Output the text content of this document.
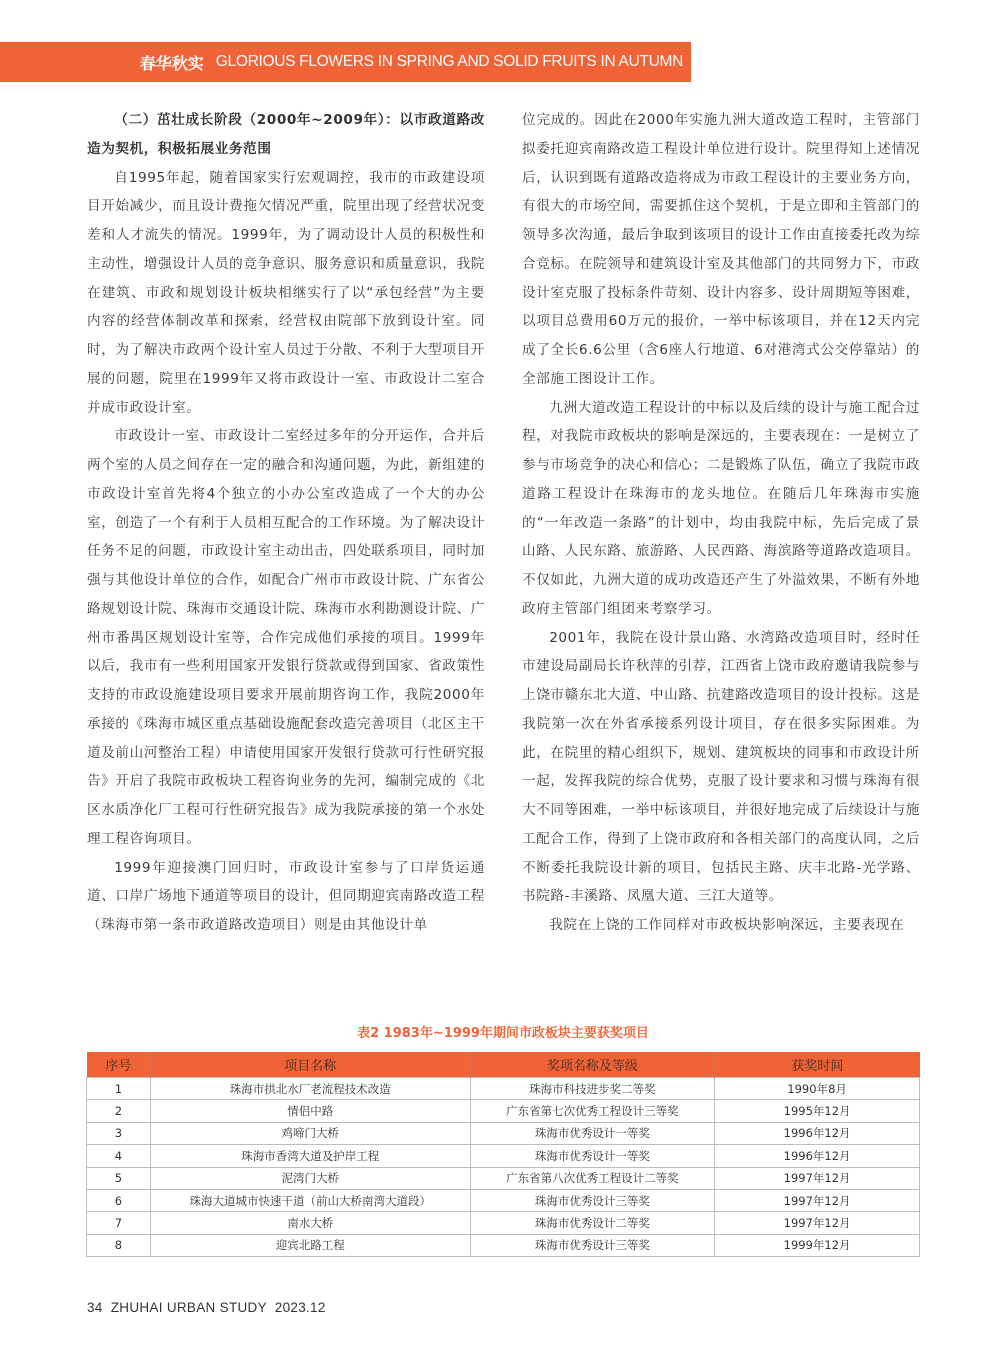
春华秋实 GLORIOUS FLOWERS IN SPRING AND SOLID FRUITS IN AUTUMN

（二）茁壮成长阶段（2000年~2009年）：以市政道路改造为契机，积极拓展业务范围

自1995年起，随着国家实行宏观调控，我市的市政建设项目开始减少，而且设计费拖欠情况严重，院里出现了经营状况变差和人才流失的情况。1999年，为了调动设计人员的积极性和主动性，增强设计人员的竞争意识、服务意识和质量意识，我院在建筑、市政和规划设计板块相继实行了以“承包经营”为主要内容的经营体制改革和探索，经营权由院部下放到设计室。同时，为了解决市政两个设计室人员过于分散、不利于大型项目开展的问题，院里在1999年又将市政设计一室、市政设计二室合并成市政设计室。

市政设计一室、市政设计二室经过多年的分开运作，合并后两个室的人员之间存在一定的融合和沟通问题，为此，新组建的市政设计室首先将4个独立的小办公室改造成了一个大的办公室，创造了一个有利于人员相互配合的工作环境。为了解决设计任务不足的问题，市政设计室主动出击，四处联系项目，同时加强与其他设计单位的合作，如配合广州市市政设计院、广东省公路规划设计院、珠海市交通设计院、珠海市水利勘测设计院、广州市番禺区规划设计室等，合作完成他们承接的项目。1999年以后，我市有一些利用国家开发银行贷款或得到国家、省政策性支持的市政设施建设项目要求开展前期咨询工作，我院2000年承接的《珠海市城区重点基础设施配套改造完善项目（北区主干道及前山河整治工程）申请使用国家开发银行贷款可行性研究报告》开启了我院市政板块工程咨询业务的先河，编制完成的《北区水质净化厂工程可行性研究报告》成为我院承接的第一个水处理工程咨询项目。

1999年迎接澳门回归时，市政设计室参与了口岸货运通道、口岸广场地下通道等项目的设计，但同期迎宾南路改造工程（珠海市第一条市政道路改造项目）则是由其他设计单

位完成的。因此在2000年实施九洲大道改造工程时，主管部门拟委托迎宾南路改造工程设计单位进行设计。院里得知上述情况后，认识到既有道路改造将成为市政工程设计的主要业务方向，有很大的市场空间，需要抓住这个契机，于是立即和主管部门的领导多次沟通，最后争取到该项目的设计工作由直接委托改为综合竞标。在院领导和建筑设计室及其他部门的共同努力下，市政设计室克服了投标条件苛刻、设计内容多、设计周期短等困难，以项目总费用60万元的报价，一举中标该项目，并在12天内完成了全长6.6公里（含6座人行地道、6对港湾式公交停靠站）的全部施工图设计工作。

九洲大道改造工程设计的中标以及后续的设计与施工配合过程，对我院市政板块的影响是深远的，主要表现在：一是树立了参与市场竞争的决心和信心；二是锻炼了队伍，确立了我院市政道路工程设计在珠海市的龙头地位。在随后几年珠海市实施的“一年改造一条路”的计划中，均由我院中标，先后完成了景山路、人民东路、旅游路、人民西路、海滨路等道路改造项目。不仅如此，九洲大道的成功改造还产生了外溢效果，不断有外地政府主管部门组团来考察学习。

2001年，我院在设计景山路、水湾路改造项目时，经时任市建设局副局长许秋萍的引荐，江西省上饶市政府邀请我院参与上饶市赣东北大道、中山路、抗建路改造项目的设计投标。这是我院第一次在外省承接系列设计项目，存在很多实际困难。为此，在院里的精心组织下，规划、建筑板块的同事和市政设计所一起，发挥我院的综合优势，克服了设计要求和习惯与珠海有很大不同等困难，一举中标该项目，并很好地完成了后续设计与施工配合工作，得到了上饶市政府和各相关部门的高度认同，之后不断委托我院设计新的项目，包括民主路、庆丰北路-光学路、书院路-丰溪路、凤凰大道、三江大道等。

我院在上饶的工作同样对市政板块影响深远，主要表现在

表2 1983年~1999年期间市政板块主要获奖项目
序号	项目名称	奖项名称及等级	获奖时间
1	珠海市拱北水厂老流程技术改造	珠海市科技进步奖二等奖	1990年8月
2	情侣中路	广东省第七次优秀工程设计三等奖	1995年12月
3	鸡啼门大桥	珠海市优秀设计一等奖	1996年12月
4	珠海市香湾大道及护岸工程	珠海市优秀设计一等奖	1996年12月
5	泥湾门大桥	广东省第八次优秀工程设计二等奖	1997年12月
6	珠海大道城市快速干道（前山大桥南湾大道段）	珠海市优秀设计三等奖	1997年12月
7	南水大桥	珠海市优秀设计二等奖	1997年12月
8	迎宾北路工程	珠海市优秀设计三等奖	1999年12月
34 ZHUHAI URBAN STUDY 2023.12
